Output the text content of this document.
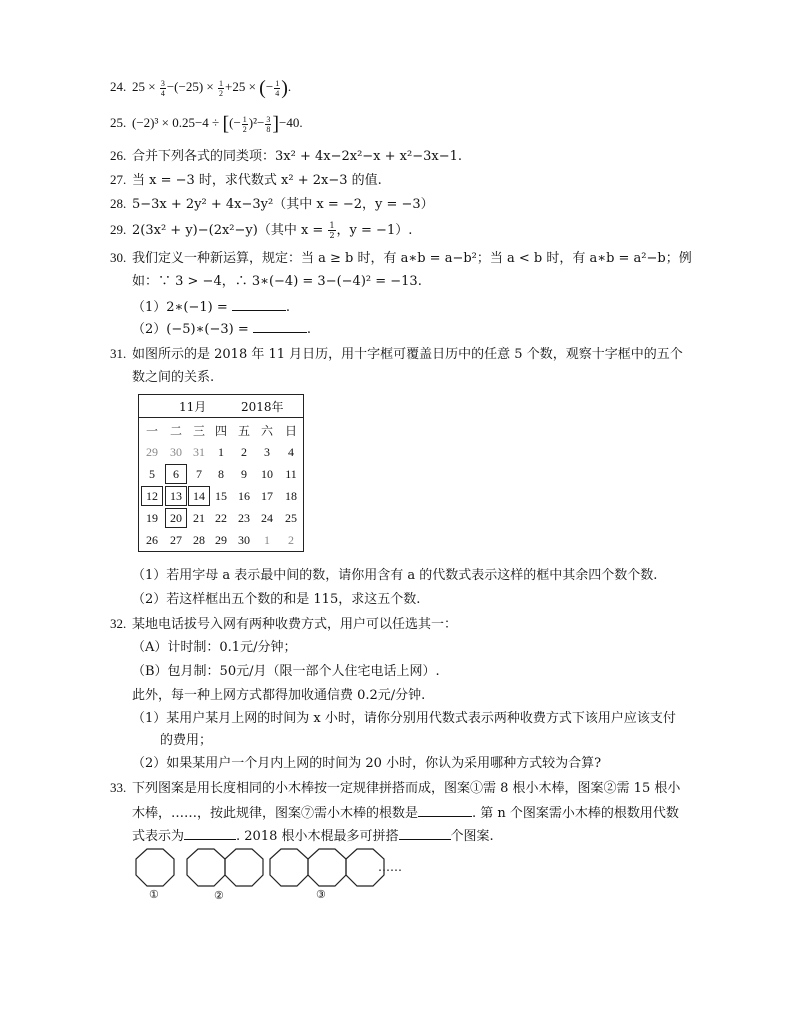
24. $25 \times \frac{3}{4} -(-25) \times \frac{1}{2} +25$ × (− $\frac{1}{4}$ ).
25. (−2)³ × 0.25−4 ÷ [(− $\frac{1}{2} )^2- \frac{3}{8} ]-40$.
26. 合并下列各式的同类项：3x² + 4x−2x²−x + x²−3x−1.
27. 当 x = −3 时，求代数式 x² + 2x−3 的值.
28. 5−3x + 2y² + 4x−3y²（其中 x = −2，y = −3）
29. 2(3x² + y)−(2x²−y)（其中 $x = \frac{1}{2}$ ，y = −1）.
30. 我们定义一种新运算，规定：当 a ≥ b 时，有 a∗b = a−b²；当 a < b 时，有 a∗b = a²−b；例
如：∵ 3 > −4，∴ 3∗(−4) = 3−(−4)² = −13.
（1）2∗(−1) =	.
（2）(−5)∗(−3) =	.
31. 如图所示的是 2018 年 11 月日历，用十字框可覆盖日历中的任意 5 个数，观察十字框中的五个
数之间的关系.
11月	2018年
一 二 三 四 五 六 日
29	30 31	1	2	3	4
5	6	7	8	9	10	11
12	13 14 15 16 17	18
19	20 21 22 23 24	25
26	27 28 29 30	1	2
（1）若用字母 a 表示最中间的数，请你用含有 a 的代数式表示这样的框中其余四个数个数.
（2）若这样框出五个数的和是 115，求这五个数.
32. 某地电话拔号入网有两种收费方式，用户可以任选其一：
（A）计时制：0.1元/分钟；
（B）包月制：50元/月（限一部个人住宅电话上网）.
此外，每一种上网方式都得加收通信费 0.2元/分钟.
（1）某用户某月上网的时间为 x 小时，请你分别用代数式表示两种收费方式下该用户应该支付
的费用；
（2）如果某用户一个月内上网的时间为 20 小时，你认为采用哪种方式较为合算?
33. 下列图案是用长度相同的小木棒按一定规律拼搭而成，图案①需 8 根小木棒，图案②需 15 根小
木棒，……，按此规律，图案⑦需小木棒的根数是	. 第 n 个图案需小木棒的根数用代数
式表示为	. 2018 根小木棍最多可拼搭	个图案.
①	②	③
……
